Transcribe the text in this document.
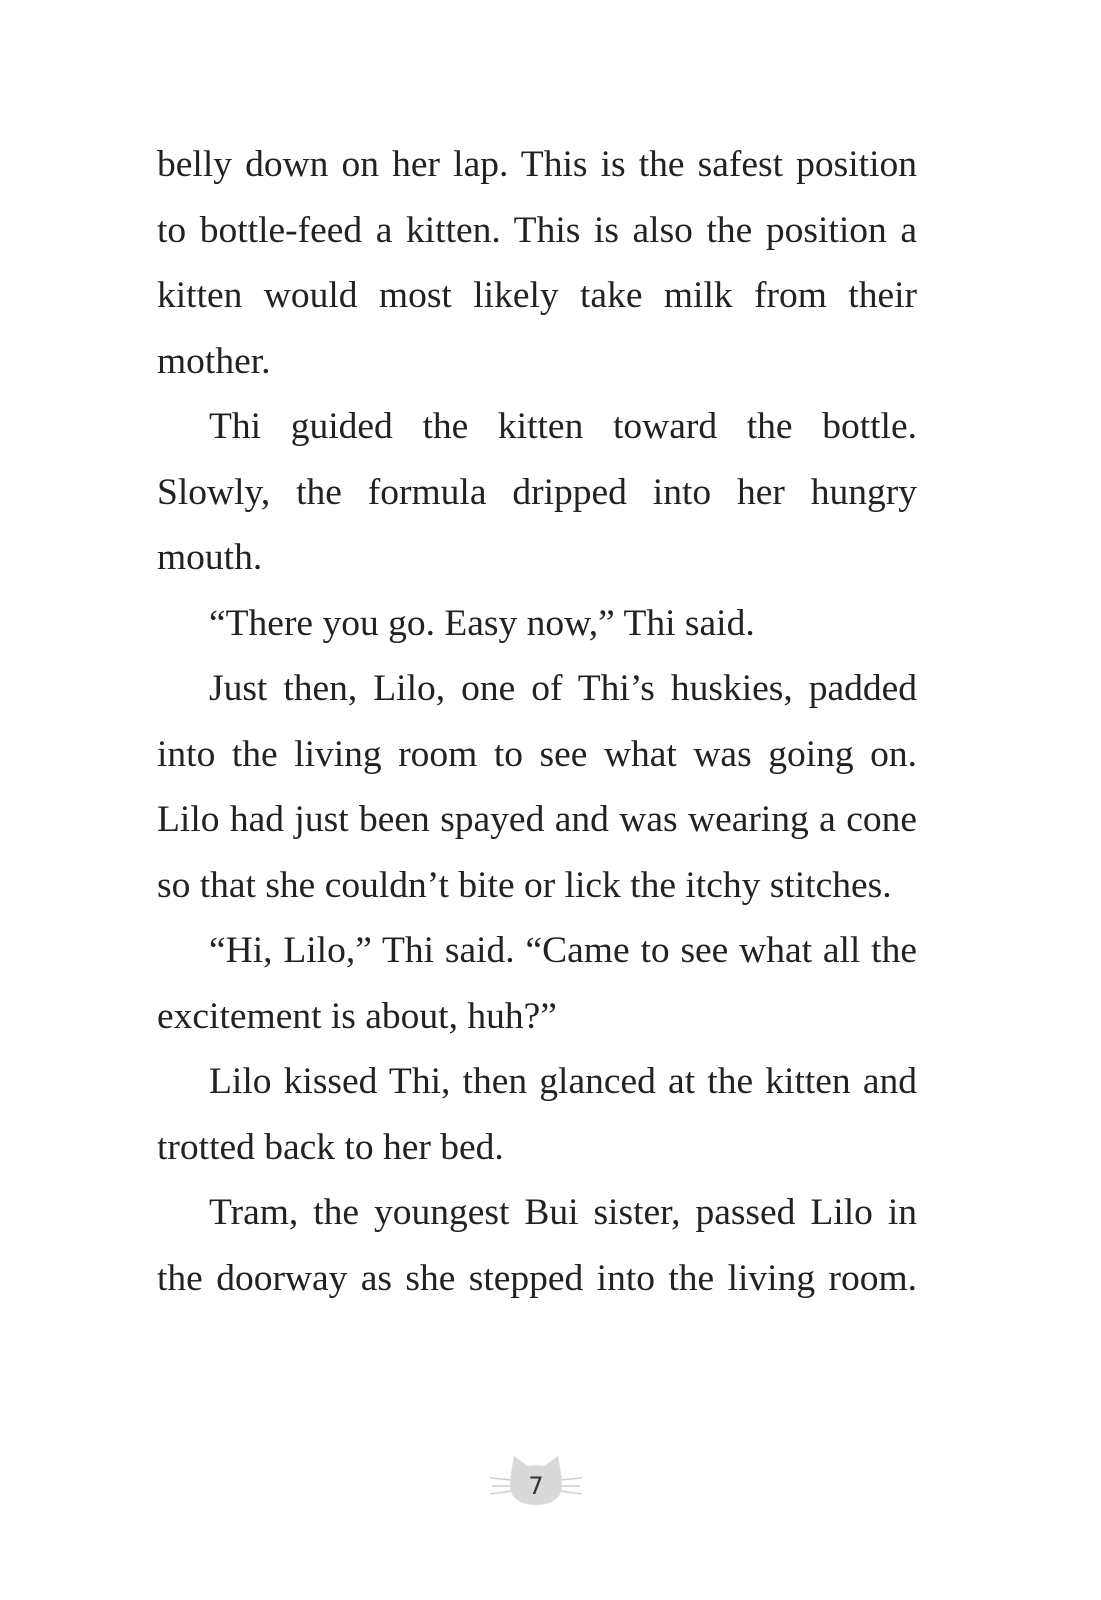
belly down on her lap. This is the safest position to bottle-feed a kitten. This is also the position a kitten would most likely take milk from their mother.

Thi guided the kitten toward the bottle. Slowly, the formula dripped into her hungry mouth.

“There you go. Easy now,” Thi said.

Just then, Lilo, one of Thi’s huskies, padded into the living room to see what was going on. Lilo had just been spayed and was wearing a cone so that she couldn’t bite or lick the itchy stitches.

“Hi, Lilo,” Thi said. “Came to see what all the excitement is about, huh?”

Lilo kissed Thi, then glanced at the kitten and trotted back to her bed.

Tram, the youngest Bui sister, passed Lilo in the doorway as she stepped into the living room.

7
